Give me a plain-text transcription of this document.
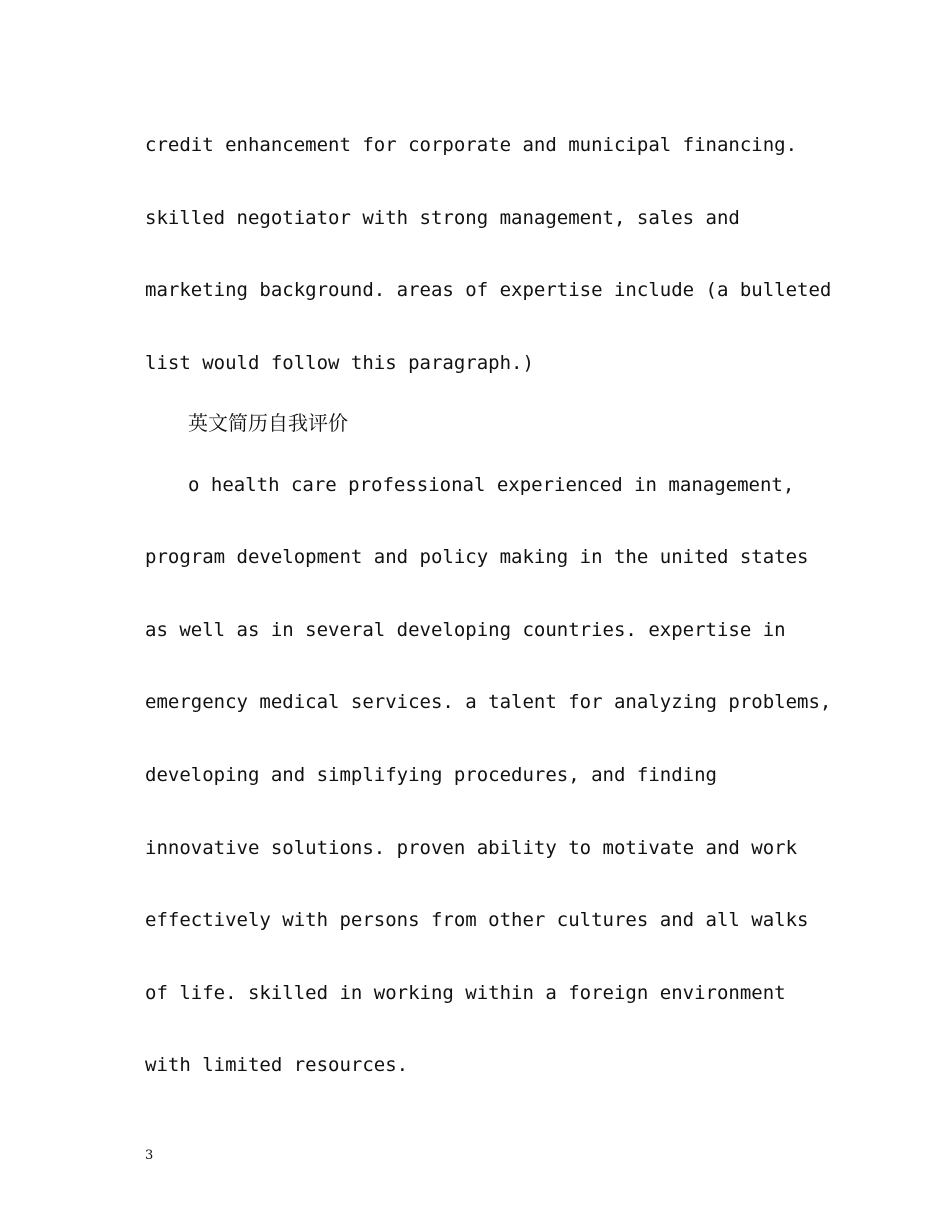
credit enhancement for corporate and municipal financing.
skilled negotiator with strong management, sales and
marketing background. areas of expertise include (a bulleted
list would follow this paragraph.)
英文简历自我评价
o health care professional experienced in management,
program development and policy making in the united states
as well as in several developing countries. expertise in
emergency medical services. a talent for analyzing problems,
developing and simplifying procedures, and finding
innovative solutions. proven ability to motivate and work
effectively with persons from other cultures and all walks
of life. skilled in working within a foreign environment
with limited resources.
3
